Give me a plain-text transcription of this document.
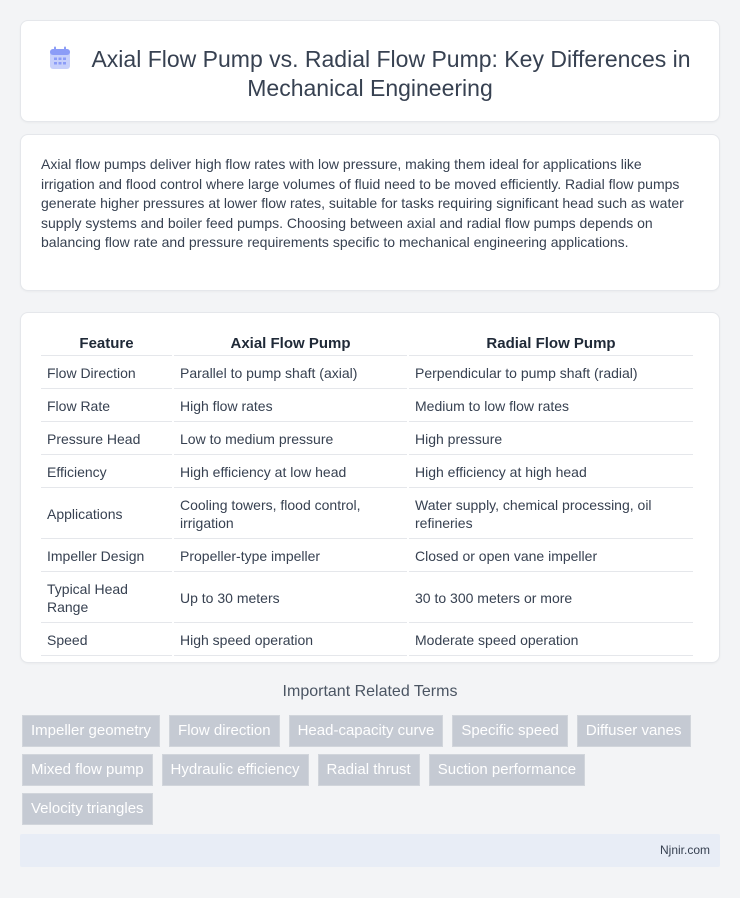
Axial Flow Pump vs. Radial Flow Pump: Key Differences in Mechanical Engineering

Axial flow pumps deliver high flow rates with low pressure, making them ideal for applications like irrigation and flood control where large volumes of fluid need to be moved efficiently. Radial flow pumps generate higher pressures at lower flow rates, suitable for tasks requiring significant head such as water supply systems and boiler feed pumps. Choosing between axial and radial flow pumps depends on balancing flow rate and pressure requirements specific to mechanical engineering applications.

Feature	Axial Flow Pump	Radial Flow Pump
Flow Direction	Parallel to pump shaft (axial)	Perpendicular to pump shaft (radial)
Flow Rate	High flow rates	Medium to low flow rates
Pressure Head	Low to medium pressure	High pressure
Efficiency	High efficiency at low head	High efficiency at high head
Applications	Cooling towers, flood control, irrigation	Water supply, chemical processing, oil refineries
Impeller Design	Propeller-type impeller	Closed or open vane impeller
Typical Head Range	Up to 30 meters	30 to 300 meters or more
Speed	High speed operation	Moderate speed operation
Important Related Terms
Impeller geometry	Flow direction	Head-capacity curve	Specific speed	Diffuser vanes
Mixed flow pump	Hydraulic efficiency	Radial thrust	Suction performance
Velocity triangles
Njnir.com
